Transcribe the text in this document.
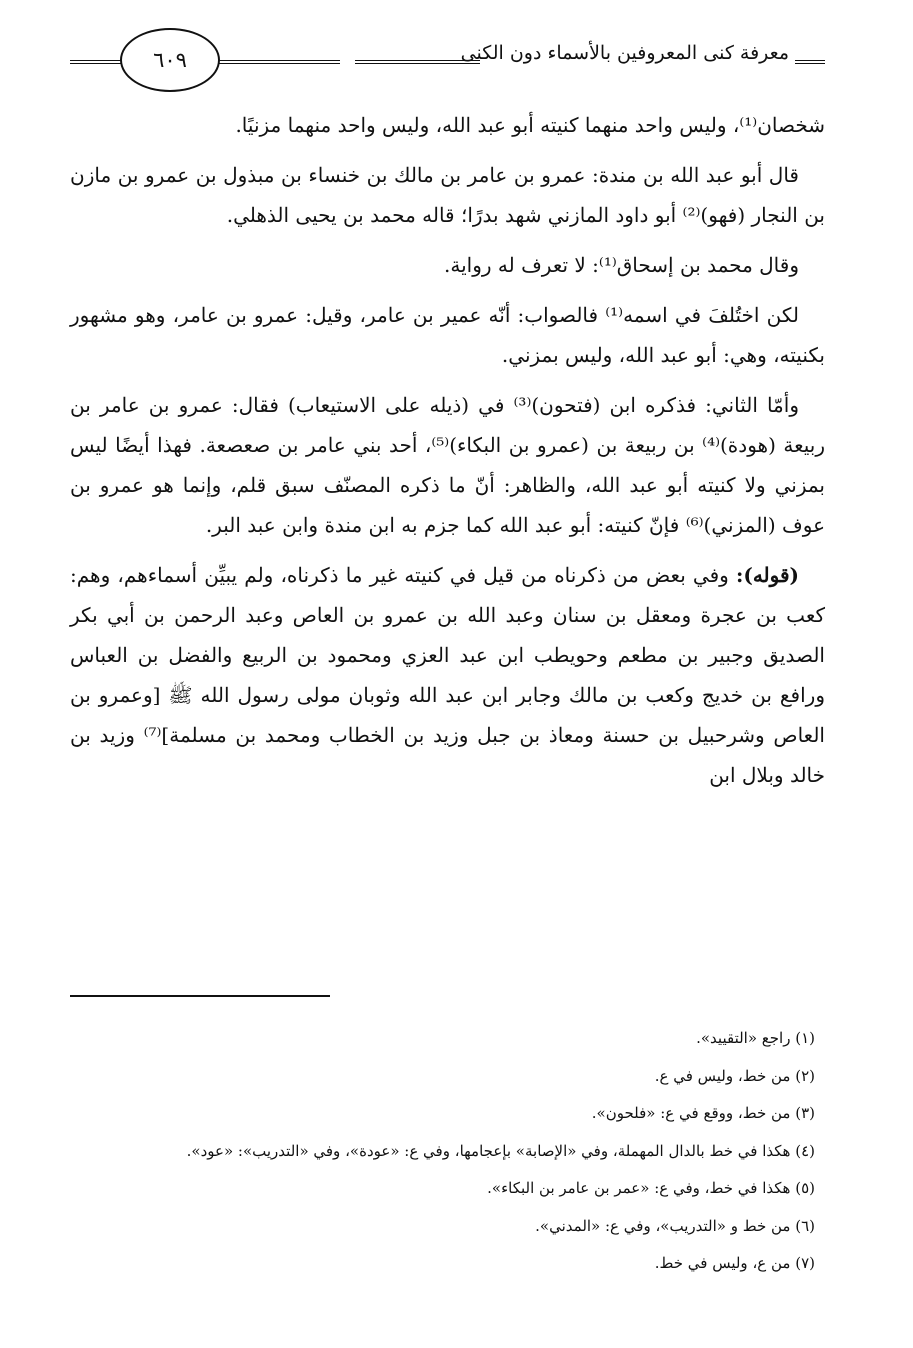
معرفة كنى المعروفين بالأسماء دون الكنى
٦٠٩

شخصان⁽¹⁾، وليس واحد منهما كنيته أبو عبد الله، وليس واحد منهما مزنيًا.

قال أبو عبد الله بن مندة: عمرو بن عامر بن مالك بن خنساء بن مبذول بن عمرو بن مازن بن النجار (فهو)⁽²⁾ أبو داود المازني شهد بدرًا؛ قاله محمد بن يحيى الذهلي.

وقال محمد بن إسحاق⁽¹⁾: لا تعرف له رواية.

لكن اختُلفَ في اسمه⁽¹⁾ فالصواب: أنّه عمير بن عامر، وقيل: عمرو بن عامر، وهو مشهور بكنيته، وهي: أبو عبد الله، وليس بمزني.

وأمّا الثاني: فذكره ابن (فتحون)⁽³⁾ في (ذيله على الاستيعاب) فقال: عمرو بن عامر بن ربيعة (هودة)⁽⁴⁾ بن ربيعة بن (عمرو بن البكاء)⁽⁵⁾، أحد بني عامر بن صعصعة. فهذا أيضًا ليس بمزني ولا كنيته أبو عبد الله، والظاهر: أنّ ما ذكره المصنّف سبق قلم، وإنما هو عمرو بن عوف (المزني)⁽⁶⁾ فإنّ كنيته: أبو عبد الله كما جزم به ابن مندة وابن عبد البر.

(قوله): وفي بعض من ذكرناه من قيل في كنيته غير ما ذكرناه، ولم يبيِّن أسماءهم، وهم: كعب بن عجرة ومعقل بن سنان وعبد الله بن عمرو بن العاص وعبد الرحمن بن أبي بكر الصديق وجبير بن مطعم وحويطب ابن عبد العزي ومحمود بن الربيع والفضل بن العباس ورافع بن خديج وكعب بن مالك وجابر ابن عبد الله وثوبان مولى رسول الله ﷺ [وعمرو بن العاص وشرحبيل بن حسنة ومعاذ بن جبل وزيد بن الخطاب ومحمد بن مسلمة]⁽⁷⁾ وزيد بن خالد وبلال ابن

(١) راجع «التقييد».
(٢) من خط، وليس في ع.
(٣) من خط، ووقع في ع: «فلحون».
(٤) هكذا في خط بالدال المهملة، وفي «الإصابة» بإعجامها، وفي ع: «عودة»، وفي «التدريب»: «عود».
(٥) هكذا في خط، وفي ع: «عمر بن عامر بن البكاء».
(٦) من خط و «التدريب»، وفي ع: «المدني».
(٧) من ع، وليس في خط.
